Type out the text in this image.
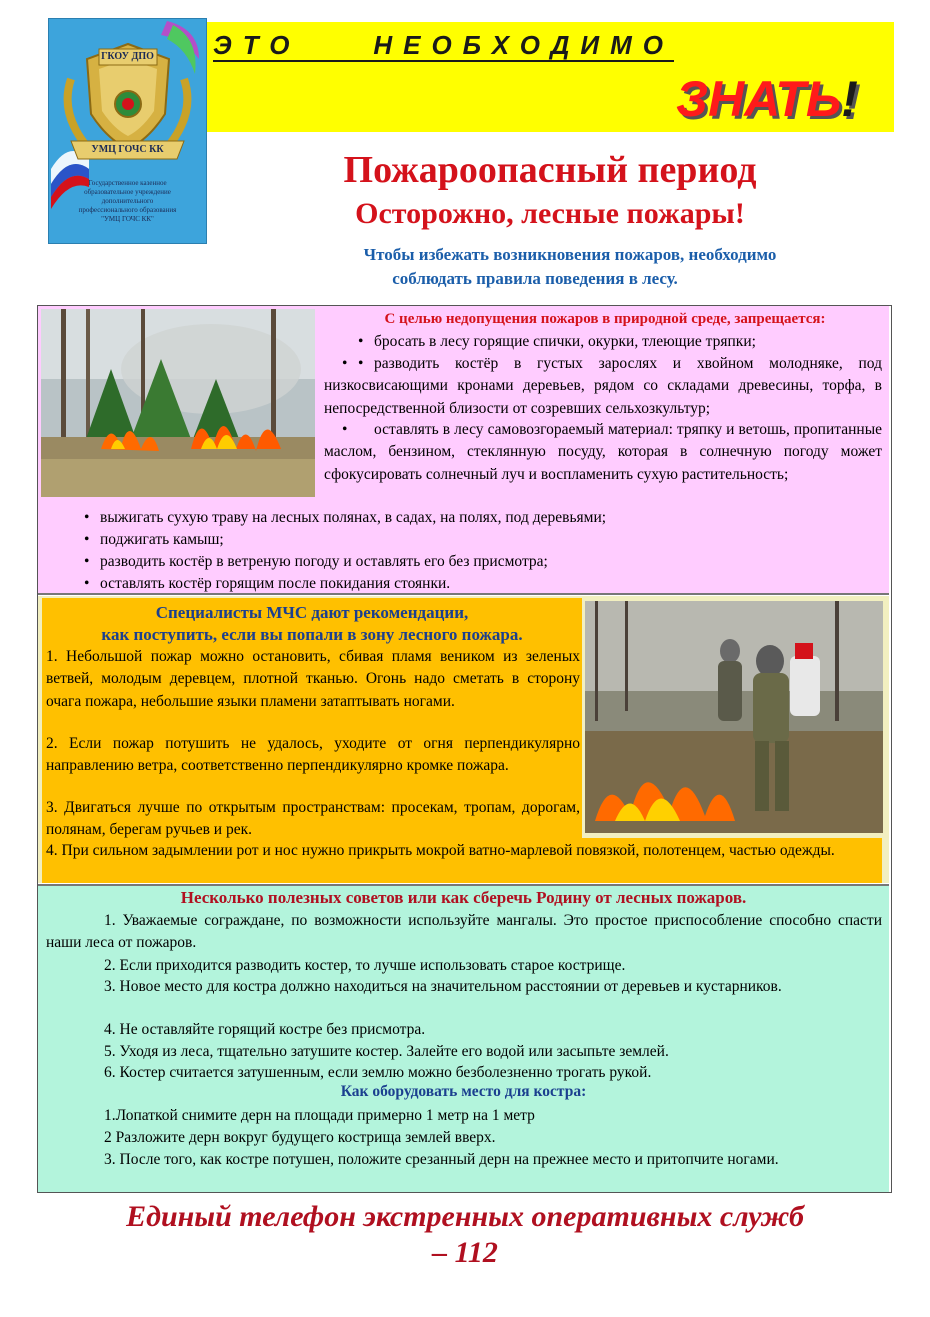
ЭТО    НЕОБХОДИМО
ЗНАТЬ!
ГКОУ ДПО
УМЦ ГОЧС КК
Государственное казенное
образовательное учреждение
дополнительного
профессионального образования
"УМЦ ГОЧС КК"
Пожароопасный период
Осторожно, лесные пожары!
Чтобы избежать возникновения пожаров, необходимо
соблюдать правила поведения в лесу.
С целью недопущения пожаров в природной среде, запрещается:
• бросать в лесу горящие спички, окурки, тлеющие тряпки;
•
разводить костёр в густых зарослях и хвойном молодняке, под низкосвисающими кронами деревьев, рядом со складами древесины, торфа, в непосредственной близости от созревших сельхозкультур;
оставлять в лесу самовозгораемый материал: тряпку и ветошь, пропитанные маслом, бензином, стеклянную посуду, которая в солнечную погоду может сфокусировать солнечный луч и воспламенить сухую растительность;
• выжигать сухую траву на лесных полянах, в садах, на полях, под деревьями;
• поджигать камыш;
• разводить костёр в ветреную погоду и оставлять его без присмотра;
• оставлять костёр горящим после покидания стоянки.
Специалисты МЧС дают рекомендации,
как поступить, если вы попали в зону лесного пожара.
1. Небольшой пожар можно остановить, сбивая пламя веником из зеленых ветвей, молодым деревцем, плотной тканью. Огонь надо сметать в сторону очага пожара, небольшие языки пламени затаптывать ногами.
2. Если пожар потушить не удалось, уходите от огня перпендикулярно направлению ветра, соответственно перпендикулярно кромке пожара.
3. Двигаться лучше по открытым пространствам: просекам, тропам, дорогам, полянам, берегам ручьев и рек.
4. При сильном задымлении рот и нос нужно прикрыть мокрой ватно-марлевой повязкой, полотенцем, частью одежды.
Несколько полезных советов или как сберечь Родину от лесных пожаров.
1. Уважаемые сограждане, по возможности используйте мангалы. Это простое приспособление способно спасти наши леса от пожаров.
2. Если приходится разводить костер, то лучше использовать старое кострище.
3. Новое место для костра должно находиться на значительном расстоянии от деревьев и кустарников.
4. Не оставляйте горящий костре без присмотра.
5. Уходя из леса, тщательно затушите костер. Залейте его водой или засыпьте землей.
6. Костер считается затушенным, если землю можно безболезненно трогать рукой.
Как оборудовать место для костра:
1.Лопаткой снимите дерн на площади примерно 1 метр на 1 метр
2 Разложите дерн вокруг будущего кострища землей вверх.
3. После того, как костре потушен, положите срезанный дерн на прежнее место и притопчите ногами.
Единый телефон экстренных оперативных служб
– 112
